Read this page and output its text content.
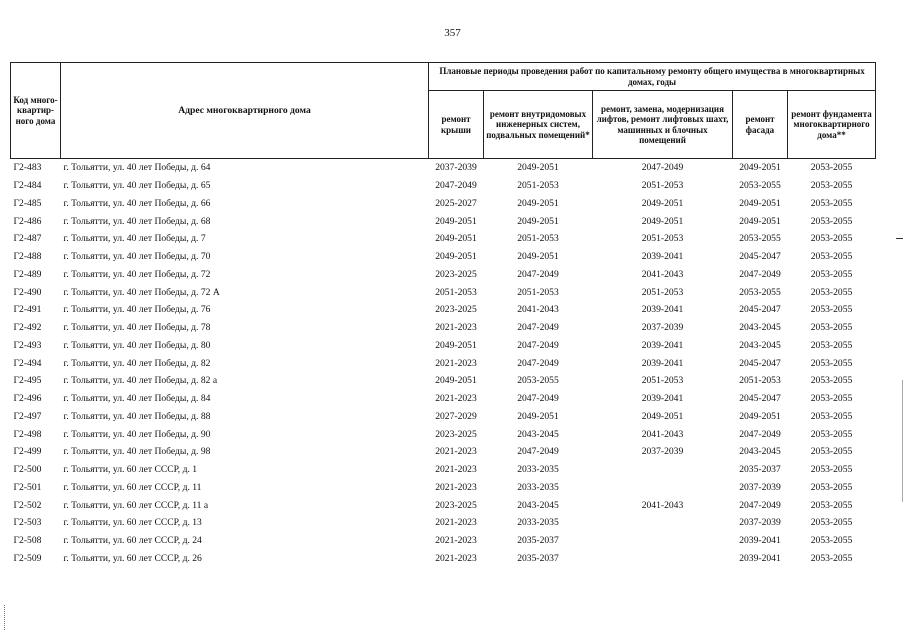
357
Код много-квартир-ного дома	Адрес многоквартирного дома	Плановые периоды проведения работ по капитальному ремонту общего имущества в многоквартирных домах, годы				
		ремонт крыши	ремонт внутридомовых инженерных систем, подвальных помещений*	ремонт, замена, модернизация лифтов, ремонт лифтовых шахт, машинных и блочных помещений	ремонт фасада	ремонт фундамента многоквартирного дома**
Г2-483	г. Тольятти, ул. 40 лет Победы, д. 64	2037-2039	2049-2051	2047-2049	2049-2051	2053-2055
Г2-484	г. Тольятти, ул. 40 лет Победы, д. 65	2047-2049	2051-2053	2051-2053	2053-2055	2053-2055
Г2-485	г. Тольятти, ул. 40 лет Победы, д. 66	2025-2027	2049-2051	2049-2051	2049-2051	2053-2055
Г2-486	г. Тольятти, ул. 40 лет Победы, д. 68	2049-2051	2049-2051	2049-2051	2049-2051	2053-2055
Г2-487	г. Тольятти, ул. 40 лет Победы, д. 7	2049-2051	2051-2053	2051-2053	2053-2055	2053-2055
Г2-488	г. Тольятти, ул. 40 лет Победы, д. 70	2049-2051	2049-2051	2039-2041	2045-2047	2053-2055
Г2-489	г. Тольятти, ул. 40 лет Победы, д. 72	2023-2025	2047-2049	2041-2043	2047-2049	2053-2055
Г2-490	г. Тольятти, ул. 40 лет Победы, д. 72 А	2051-2053	2051-2053	2051-2053	2053-2055	2053-2055
Г2-491	г. Тольятти, ул. 40 лет Победы, д. 76	2023-2025	2041-2043	2039-2041	2045-2047	2053-2055
Г2-492	г. Тольятти, ул. 40 лет Победы, д. 78	2021-2023	2047-2049	2037-2039	2043-2045	2053-2055
Г2-493	г. Тольятти, ул. 40 лет Победы, д. 80	2049-2051	2047-2049	2039-2041	2043-2045	2053-2055
Г2-494	г. Тольятти, ул. 40 лет Победы, д. 82	2021-2023	2047-2049	2039-2041	2045-2047	2053-2055
Г2-495	г. Тольятти, ул. 40 лет Победы, д. 82 а	2049-2051	2053-2055	2051-2053	2051-2053	2053-2055
Г2-496	г. Тольятти, ул. 40 лет Победы, д. 84	2021-2023	2047-2049	2039-2041	2045-2047	2053-2055
Г2-497	г. Тольятти, ул. 40 лет Победы, д. 88	2027-2029	2049-2051	2049-2051	2049-2051	2053-2055
Г2-498	г. Тольятти, ул. 40 лет Победы, д. 90	2023-2025	2043-2045	2041-2043	2047-2049	2053-2055
Г2-499	г. Тольятти, ул. 40 лет Победы, д. 98	2021-2023	2047-2049	2037-2039	2043-2045	2053-2055
Г2-500	г. Тольятти, ул. 60 лет СССР, д. 1	2021-2023	2033-2035		2035-2037	2053-2055
Г2-501	г. Тольятти, ул. 60 лет СССР, д. 11	2021-2023	2033-2035		2037-2039	2053-2055
Г2-502	г. Тольятти, ул. 60 лет СССР, д. 11 а	2023-2025	2043-2045	2041-2043	2047-2049	2053-2055
Г2-503	г. Тольятти, ул. 60 лет СССР, д. 13	2021-2023	2033-2035		2037-2039	2053-2055
Г2-508	г. Тольятти, ул. 60 лет СССР, д. 24	2021-2023	2035-2037		2039-2041	2053-2055
Г2-509	г. Тольятти, ул. 60 лет СССР, д. 26	2021-2023	2035-2037		2039-2041	2053-2055
